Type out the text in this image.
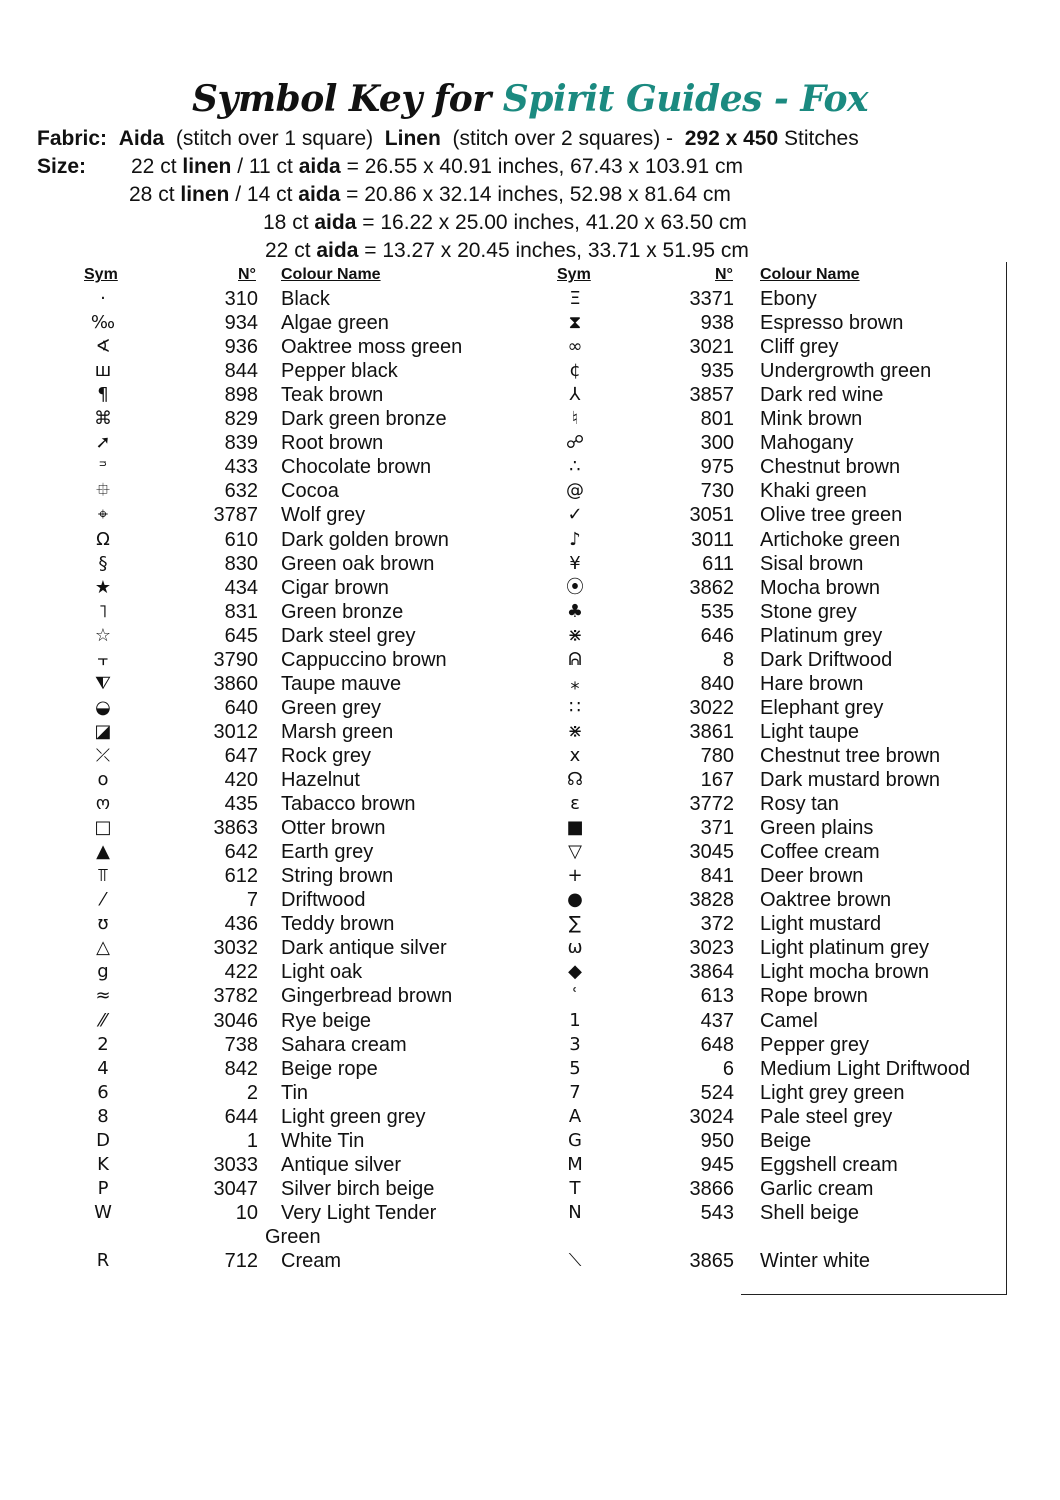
Symbol Key for Spirit Guides - Fox
Fabric: Aida (stitch over 1 square) Linen (stitch over 2 squares) - 292 x 450 Stitches
Size: 22 ct linen / 11 ct aida = 26.55 x 40.91 inches, 67.43 x 103.91 cm
28 ct linen / 14 ct aida = 20.86 x 32.14 inches, 52.98 x 81.64 cm
18 ct aida = 16.22 x 25.00 inches, 41.20 x 63.50 cm
22 ct aida = 13.27 x 20.45 inches, 33.71 x 51.95 cm
Sym	N° Colour Name	Sym	N° Colour Name
·	310 Black
‰	934 Algae green
∢	936 Oaktree moss green
ш	844 Pepper black
¶	898 Teak brown
⌘	829 Dark green bronze
➚	839 Root brown
ᵙ	433 Chocolate brown
⯐	632 Cocoa
⌖	3787 Wolf grey
Ω	610 Dark golden brown
§	830 Green oak brown
★	434 Cigar brown
˥	831 Green bronze
☆	645 Dark steel grey
⫟	3790 Cappuccino brown
⧨	3860 Taupe mauve
◒	640 Green grey
◪	3012 Marsh green
⤫	647 Rock grey
o	420 Hazelnut
ო	435 Tabacco brown
□	3863 Otter brown
▲	642 Earth grey
⫪	612 String brown
⁄	7 Driftwood
ʊ	436 Teddy brown
△	3032 Dark antique silver
g	422 Light oak
≈	3782 Gingerbread brown
⁄⁄	3046 Rye beige
2	738 Sahara cream
4	842 Beige rope
6	2 Tin
8	644 Light green grey
D	1 White Tin
K	3033 Antique silver
P	3047 Silver birch beige
W	10 Very Light Tender
Green
R	712 Cream
Ξ	3371 Ebony
⧗	938 Espresso brown
∞	3021 Cliff grey
¢	935 Undergrowth green
⅄	3857 Dark red wine
♮	801 Mink brown
☍	300 Mahogany
∴	975 Chestnut brown
@	730 Khaki green
✓	3051 Olive tree green
♪	3011 Artichoke green
¥	611 Sisal brown
⦿	3862 Mocha brown
♣	535 Stone grey
⋇	646 Platinum grey
ᕱ	8 Dark Driftwood
⁎	840 Hare brown
∷	3022 Elephant grey
⋇	3861 Light taupe
x	780 Chestnut tree brown
☊	167 Dark mustard brown
ε	3772 Rosy tan
■	371 Green plains
▽	3045 Coffee cream
+	841 Deer brown
●	3828 Oaktree brown
∑	372 Light mustard
ω	3023 Light platinum grey
◆	3864 Light mocha brown
ʿ	613 Rope brown
1	437 Camel
3	648 Pepper grey
5	6 Medium Light Driftwood
7	524 Light grey green
A	3024 Pale steel grey
G	950 Beige
M	945 Eggshell cream
T	3866 Garlic cream
N	543 Shell beige
⟍	3865 Winter white
